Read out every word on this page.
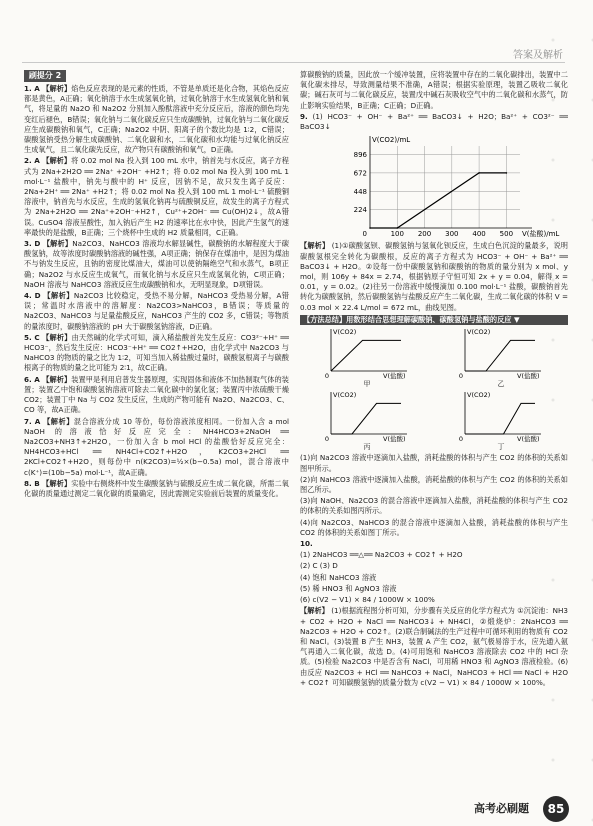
答案及解析
刷提分 2

1. A 【解析】焰色反应表现的是元素的性质，不管是单质还是化合物，其焰色反应都是黄色，A正确；氧化钠溶于水生成氢氧化钠，过氧化钠溶于水生成氢氧化钠和氧气，将足量的 Na2O 和 Na2O2 分别加入酚酞溶液中充分反应后，溶液的颜色均先变红后褪色，B错误；氧化钠与二氧化碳反应只生成碳酸钠，过氧化钠与二氧化碳反应生成碳酸钠和氧气，C正确；Na2O2 中阴、阳离子的个数比均是 1∶2，C错误；碳酸氢钠受热分解生成碳酸钠、二氧化碳和水，二氧化碳和水均能与过氧化钠反应生成氧气，且二氧化碳先反应，故产物只有碳酸钠和氧气，D正确。

2. A 【解析】将 0.02 mol Na 投入到 100 mL 水中，钠首先与水反应，离子方程式为 2Na+2H2O ══ 2Na⁺ +2OH⁻ +H2↑；将 0.02 mol Na 投入到 100 mL 1 mol·L⁻¹ 盐酸中，钠先与酸中的 H⁺ 反应，因钠不足，故只发生离子反应：2Na+2H⁺ ══ 2Na⁺ +H2↑；将 0.02 mol Na 投入到 100 mL 1 mol·L⁻¹ 硫酸铜溶液中，钠首先与水反应，生成的氢氧化钠再与硫酸铜反应，故发生的离子方程式为 2Na+2H2O ══ 2Na⁺+2OH⁻+H2↑，Cu²⁺+2OH⁻ ══ Cu(OH)2↓，故A错误。CuSO4 溶液呈酸性，加入钠后产生 H2 的速率比在水中快，因此产生氢气的速率最快的是盐酸，B正确；三个烧杯中生成的 H2 质量相同，C正确。

3. D 【解析】Na2CO3、NaHCO3 溶液均水解显碱性，碳酸钠的水解程度大于碳酸氢钠，故等浓度时碳酸钠溶液的碱性强，A项正确；钠保存在煤油中，是因为煤油不与钠发生反应，且钠的密度比煤油大，煤油可以使钠隔绝空气和水蒸气，B项正确；Na2O2 与水反应生成氧气，而氧化钠与水反应只生成氢氧化钠，C项正确；NaOH 溶液与 NaHCO3 溶液反应生成碳酸钠和水，无明显现象，D项错误。

4. D 【解析】Na2CO3 比较稳定，受热不易分解，NaHCO3 受热易分解，A错误；常温时水溶液中的溶解度：Na2CO3>NaHCO3，B错误；等质量的 Na2CO3、NaHCO3 与足量盐酸反应，NaHCO3 产生的 CO2 多，C错误；等物质的量浓度时，碳酸钠溶液的 pH 大于碳酸氢钠溶液，D正确。

5. C 【解析】由天然碱的化学式可知，滴入稀盐酸首先发生反应：CO3²⁻+H⁺ ══ HCO3⁻，然后发生反应：HCO3⁻+H⁺ ══ CO2↑+H2O，由化学式中 Na2CO3 与 NaHCO3 的物质的量之比为 1∶2，可知当加入稀盐酸过量时，碳酸氢根离子与碳酸根离子的物质的量之比可能为 2∶1，故C正确。

6. A 【解析】装置甲是利用启普发生器原理，实现固体和液体不加热制取气体的装置；装置乙中饱和碳酸氢钠溶液可除去二氧化碳中的氯化氢；装置丙中浓硫酸干燥 CO2；装置丁中 Na 与 CO2 发生反应，生成的产物可能有 Na2O、Na2CO3、C、CO 等，故A正确。

7. A 【解析】混合溶液分成 10 等份，每份溶液浓度相同。一份加入含 a mol NaOH 的溶液恰好反应完全：NH4HCO3+2NaOH ══ Na2CO3+NH3↑+2H2O，一份加入含 b mol HCl 的盐酸恰好反应完全：NH4HCO3+HCl ══ NH4Cl+CO2↑+H2O，K2CO3+2HCl ══ 2KCl+CO2↑+H2O，则每份中 n(K2CO3)=½×(b−0.5a) mol，混合溶液中 c(K⁺)=(10b−5a) mol·L⁻¹，故A正确。

8. B 【解析】实验中右侧烧杯中发生碳酸氢钠与硫酸反应生成二氧化碳，所需二氧化碳的质量通过测定二氧化碳的质量确定，因此需测定实验前后装置的质量变化。

算碳酸钠的质量，因此放一个缓冲装置，应将装置中存在的二氧化碳排出，装置中二氧化碳未排尽，导致测量结果不准确，A错误；根据实验原理，装置乙吸收二氧化碳；碱石灰可与二氧化碳反应，装置戊中碱石灰吸收空气中的二氧化碳和水蒸气，防止影响实验结果，B正确；C正确；D正确。

9. (1) HCO3⁻ + OH⁻ + Ba²⁺ ══ BaCO3↓ + H2O；Ba²⁺ + CO3²⁻ ══ BaCO3↓

224
448
672
896
100 200 300 400 500
0
V(CO2)/mL
V(盐酸)/mL

【解析】 (1)①碳酸氢钡、碳酸氢钠与氢氧化钡反应，生成白色沉淀的量最多，说明碳酸氢根完全转化为碳酸根，反应的离子方程式为 HCO3⁻ + OH⁻ + Ba²⁺ ══ BaCO3↓ + H2O。②设每一份中碳酸氢钠和碳酸钠的物质的量分别为 x mol、y mol，则 106y + 84x = 2.74，根据钠原子守恒可知 2x + y = 0.04，解得 x = 0.01，y = 0.02。(2)往另一份溶液中缓慢滴加 0.100 mol·L⁻¹ 盐酸，碳酸钠首先转化为碳酸氢钠，然后碳酸氢钠与盐酸反应产生二氧化碳，生成二氧化碳的体积 V = 0.03 mol × 22.4 L/mol = 672 mL，曲线见图。

【方法总结】用数形结合思想理解碳酸钠、碳酸氢钠与盐酸的反应 ▼
V(CO2)
V(盐酸)
0
甲
V(CO2)
V(盐酸)
0
乙
V(CO2)
V(盐酸)
0
丙
V(CO2)
V(盐酸)
0
丁

(1)向 Na2CO3 溶液中逐滴加入盐酸，消耗盐酸的体积与产生 CO2 的体积的关系如图甲所示。

(2)向 NaHCO3 溶液中逐滴加入盐酸，消耗盐酸的体积与产生 CO2 的体积的关系如图乙所示。

(3)向 NaOH、Na2CO3 的混合溶液中逐滴加入盐酸，消耗盐酸的体积与产生 CO2 的体积的关系如图丙所示。

(4)向 Na2CO3、NaHCO3 的混合溶液中逐滴加入盐酸，消耗盐酸的体积与产生 CO2 的体积的关系如图丁所示。

10.

(1) 2NaHCO3 ══△══ Na2CO3 + CO2↑ + H2O

(2) C (3) D

(4) 饱和 NaHCO3 溶液

(5) 稀 HNO3 和 AgNO3 溶液

(6) c(V2 − V1) × 84 / 1000W × 100%

【解析】 (1)根据流程图分析可知，分步骤有关反应的化学方程式为 ①沉淀池：NH3 + CO2 + H2O + NaCl ══ NaHCO3↓ + NH4Cl，②煅烧炉：2NaHCO3 ══ Na2CO3 + H2O + CO2↑。(2)联合制碱法的生产过程中可循环利用的物质有 CO2 和 NaCl。(3)装置 B 产生 NH3，装置 A 产生 CO2，氨气极易溶于水，应先通入氨气再通入二氧化碳，故选 D。(4)可用饱和 NaHCO3 溶液除去 CO2 中的 HCl 杂质。(5)检验 Na2CO3 中是否含有 NaCl，可用稀 HNO3 和 AgNO3 溶液检验。(6)由反应 Na2CO3 + HCl ══ NaHCO3 + NaCl，NaHCO3 + HCl ══ NaCl + H2O + CO2↑ 可知碳酸氢钠的质量分数为 c(V2 − V1) × 84 / 1000W × 100%。

高考必刷题	85
